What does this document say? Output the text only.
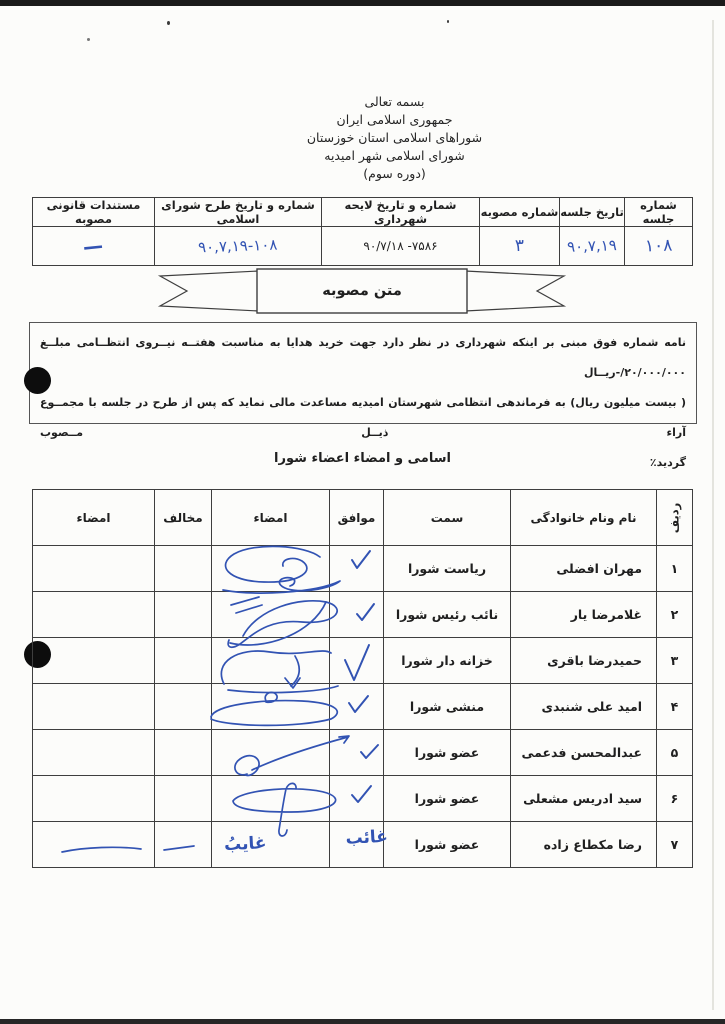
بسمه تعالی
جمهوری اسلامی ایران
شوراهای اسلامی استان خوزستان
شورای اسلامی شهر امیدیه
(دوره سوم)
شماره جلسه	تاریخ جلسه	شماره مصوبه	شماره و تاریخ لایحه شهرداری	شماره و تاریخ طرح شورای اسلامی	مستندات قانونی مصوبه
۱۰۸	۹۰,۷,۱۹	۳	۹۰/۷/۱۸ -۷۵۸۶	۹۰,۷,۱۹-۱۰۸	—
متن مصوبه
نامه شماره فوق مبنی بر اینکه شهرداری در نظر دارد جهت خرید هدایا به مناسبت هفتــه نیــروی انتظــامی مبلــغ -/۲۰/۰۰۰/۰۰۰ریــال
( بیست میلیون ریال) به فرماندهی انتظامی شهرستان امیدیه مساعدت مالی نماید که پس از طرح در جلسه با مجمــوع آراء ذیــل مــصوب
گردید٪
اسامی و امضاء اعضاء شورا
ردیف	نام ونام خانوادگی	سمت	موافق	امضاء	مخالف	امضاء
۱	مهران افضلی	ریاست شورا				
۲	غلامرضا یار	نائب رئیس شورا				
۳	حمیدرضا باقری	خزانه دار شورا				
۴	امید علی شنبدی	منشی شورا				
۵	عبدالمحسن فدعمی	عضو شورا				
۶	سید ادریس مشعلی	عضو شورا				
۷	رضا مکطاع زاده	عضو شورا				
غائب
غایبُ
